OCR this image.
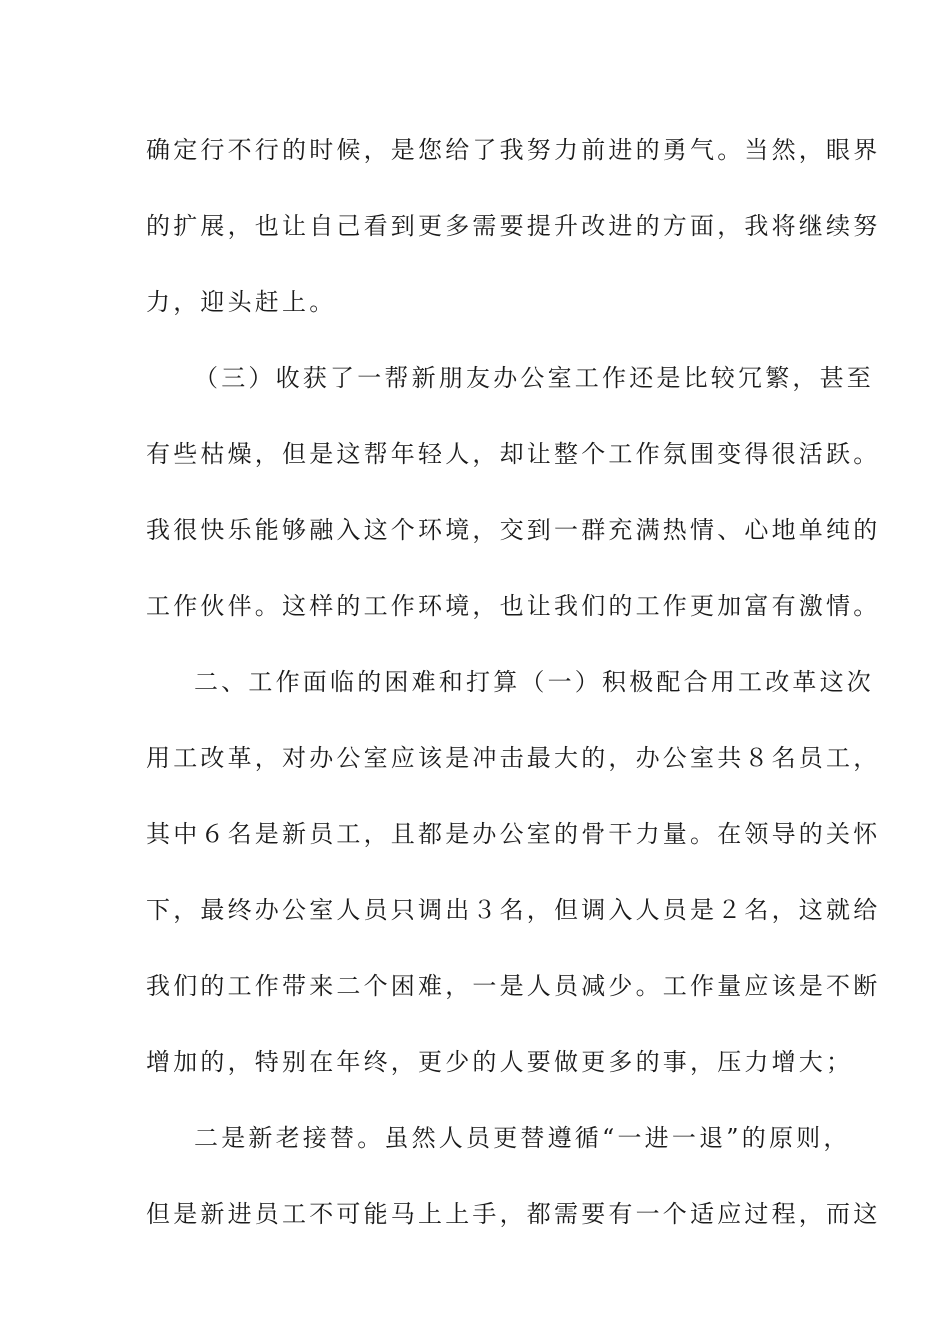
确定行不行的时候，是您给了我努力前进的勇气。当然，眼界
的扩展，也让自己看到更多需要提升改进的方面，我将继续努
力，迎头赶上。
（三）收获了一帮新朋友办公室工作还是比较冗繁，甚至
有些枯燥，但是这帮年轻人，却让整个工作氛围变得很活跃。
我很快乐能够融入这个环境，交到一群充满热情、心地单纯的
工作伙伴。这样的工作环境，也让我们的工作更加富有激情。
二、工作面临的困难和打算（一）积极配合用工改革这次
用工改革，对办公室应该是冲击最大的，办公室共８名员工，
其中６名是新员工，且都是办公室的骨干力量。在领导的关怀
下，最终办公室人员只调出３名，但调入人员是２名，这就给
我们的工作带来二个困难，一是人员减少。工作量应该是不断
增加的，特别在年终，更少的人要做更多的事，压力增大；
二是新老接替。虽然人员更替遵循“一进一退”的原则，
但是新进员工不可能马上上手，都需要有一个适应过程，而这
